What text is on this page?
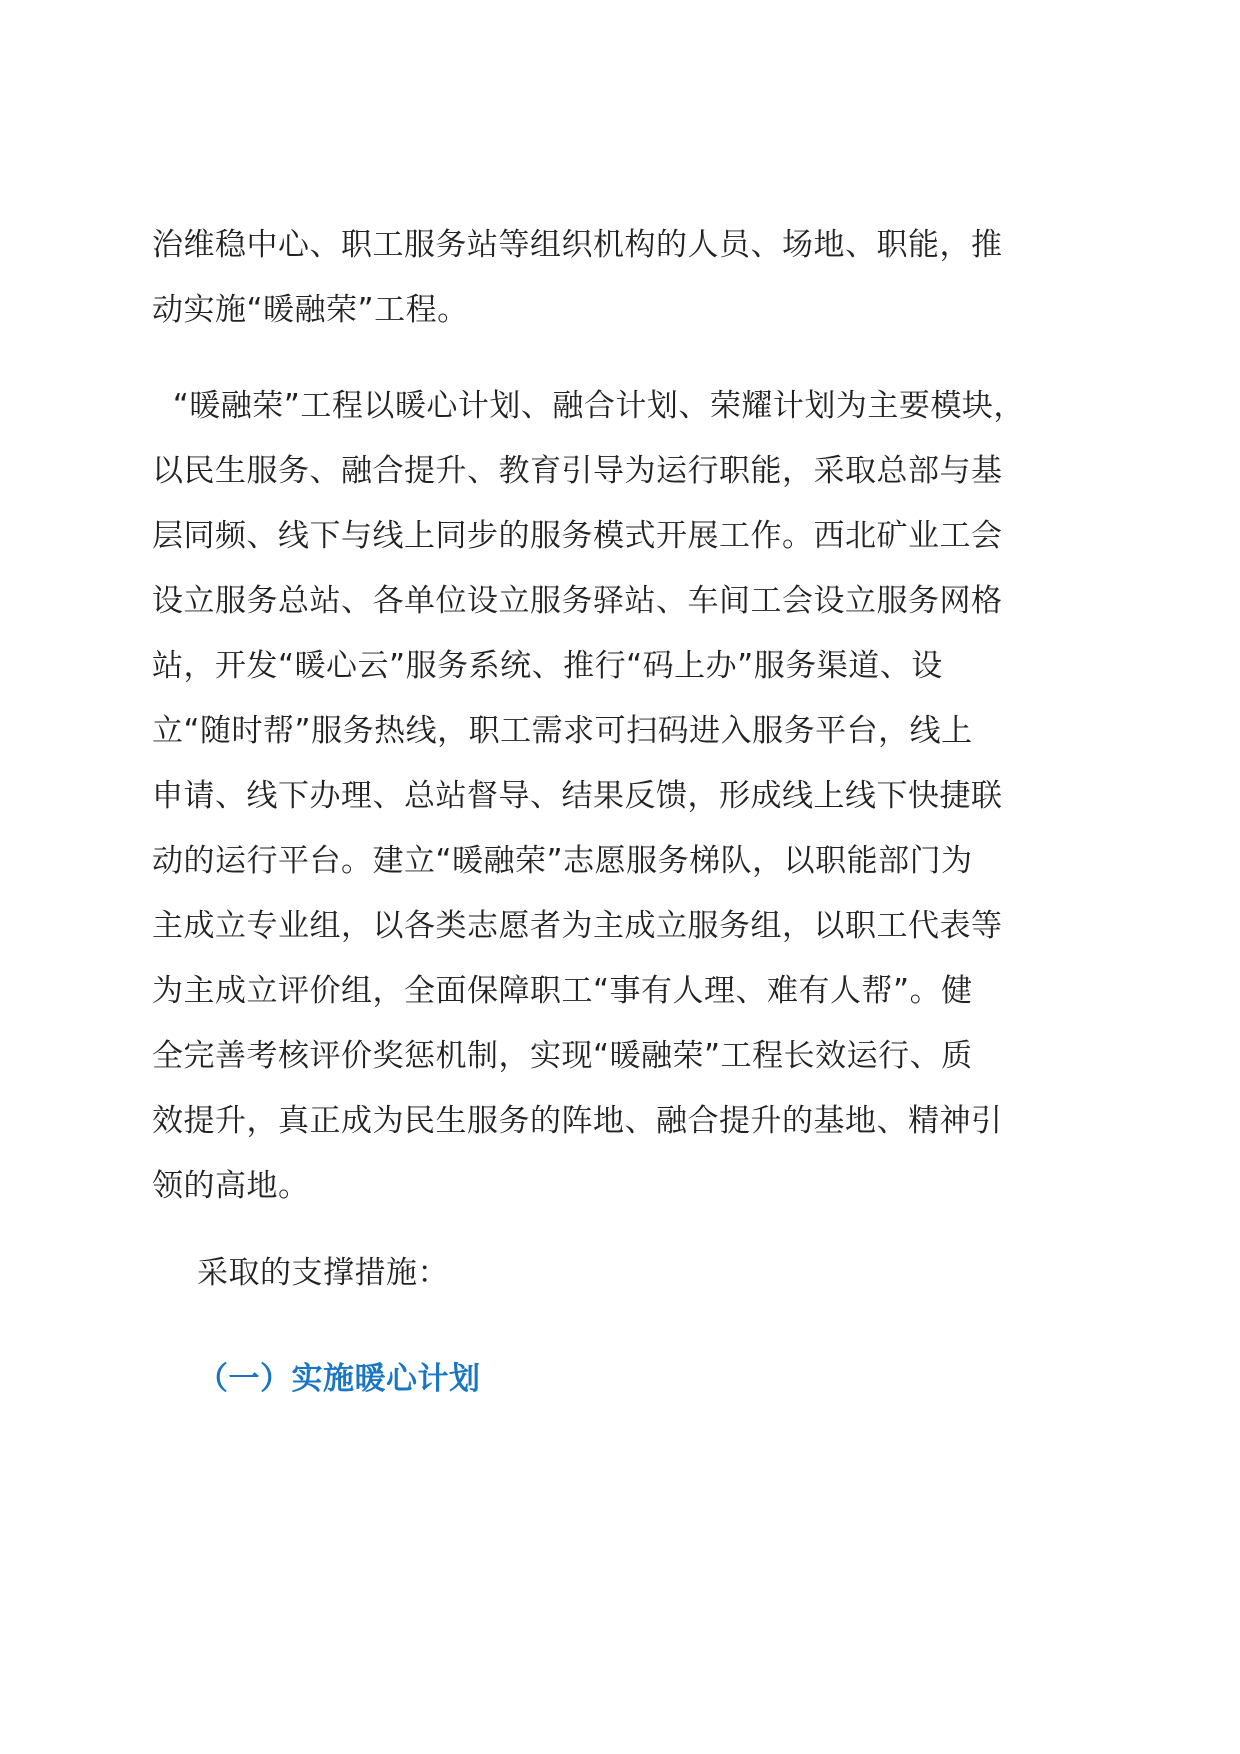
治维稳中心、职工服务站等组织机构的人员、场地、职能，推
动实施“暖融荣”工程。

“暖融荣”工程以暖心计划、融合计划、荣耀计划为主要模块，
以民生服务、融合提升、教育引导为运行职能，采取总部与基
层同频、线下与线上同步的服务模式开展工作。西北矿业工会
设立服务总站、各单位设立服务驿站、车间工会设立服务网格
站，开发“暖心云”服务系统、推行“码上办”服务渠道、设
立“随时帮”服务热线，职工需求可扫码进入服务平台，线上
申请、线下办理、总站督导、结果反馈，形成线上线下快捷联
动的运行平台。建立“暖融荣”志愿服务梯队，以职能部门为
主成立专业组，以各类志愿者为主成立服务组，以职工代表等
为主成立评价组，全面保障职工“事有人理、难有人帮”。健
全完善考核评价奖惩机制，实现“暖融荣”工程长效运行、质
效提升，真正成为民生服务的阵地、融合提升的基地、精神引
领的高地。

采取的支撑措施：

（一）实施暖心计划
